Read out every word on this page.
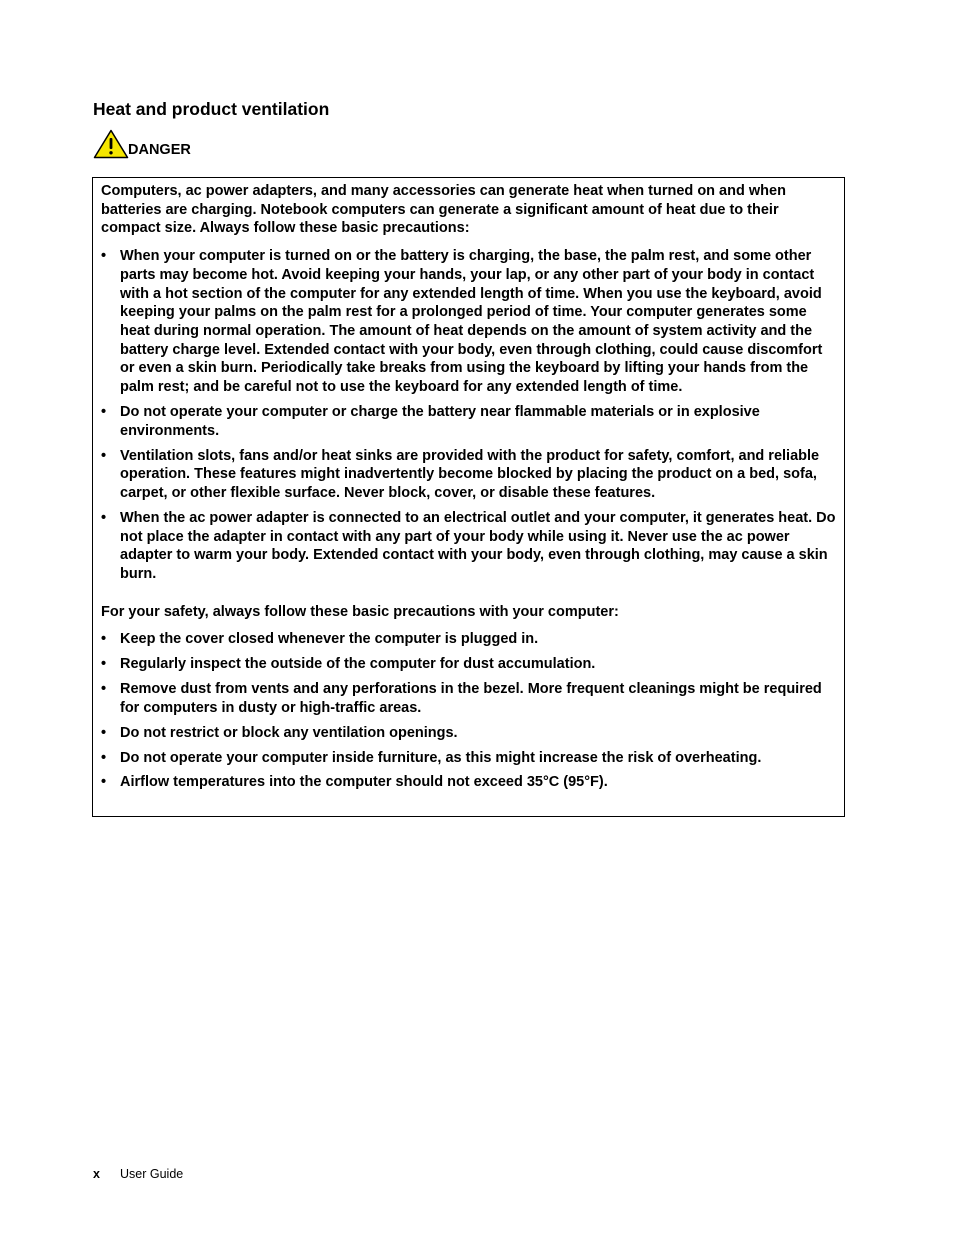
Heat and product ventilation
DANGER

Computers, ac power adapters, and many accessories can generate heat when turned on and when batteries are charging. Notebook computers can generate a significant amount of heat due to their compact size. Always follow these basic precautions:

• When your computer is turned on or the battery is charging, the base, the palm rest, and some other parts may become hot. Avoid keeping your hands, your lap, or any other part of your body in contact with a hot section of the computer for any extended length of time. When you use the keyboard, avoid keeping your palms on the palm rest for a prolonged period of time. Your computer generates some heat during normal operation. The amount of heat depends on the amount of system activity and the battery charge level. Extended contact with your body, even through clothing, could cause discomfort or even a skin burn. Periodically take breaks from using the keyboard by lifting your hands from the palm rest; and be careful not to use the keyboard for any extended length of time.
• Do not operate your computer or charge the battery near flammable materials or in explosive environments.
• Ventilation slots, fans and/or heat sinks are provided with the product for safety, comfort, and reliable operation. These features might inadvertently become blocked by placing the product on a bed, sofa, carpet, or other flexible surface. Never block, cover, or disable these features.
• When the ac power adapter is connected to an electrical outlet and your computer, it generates heat. Do not place the adapter in contact with any part of your body while using it. Never use the ac power adapter to warm your body. Extended contact with your body, even through clothing, may cause a skin burn.

For your safety, always follow these basic precautions with your computer:

• Keep the cover closed whenever the computer is plugged in.
• Regularly inspect the outside of the computer for dust accumulation.
• Remove dust from vents and any perforations in the bezel. More frequent cleanings might be required for computers in dusty or high-traffic areas.
• Do not restrict or block any ventilation openings.
• Do not operate your computer inside furniture, as this might increase the risk of overheating.
• Airflow temperatures into the computer should not exceed 35°C (95°F).
x	User Guide
